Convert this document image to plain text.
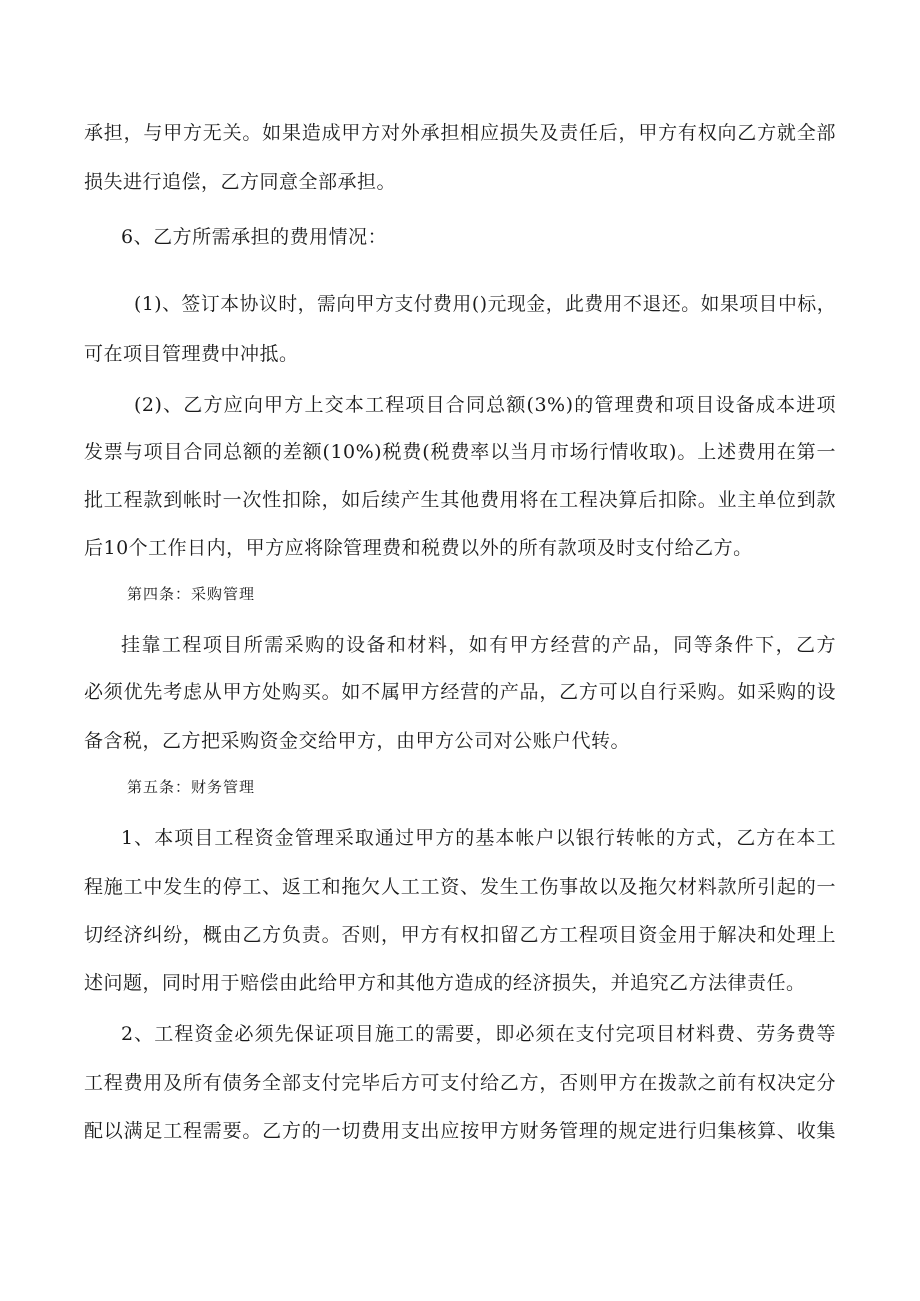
承担，与甲方无关。如果造成甲方对外承担相应损失及责任后，甲方有权向乙方就全部
损失进行追偿，乙方同意全部承担。
6、乙方所需承担的费用情况：
(1)、签订本协议时，需向甲方支付费用()元现金，此费用不退还。如果项目中标，
可在项目管理费中冲抵。
(2)、乙方应向甲方上交本工程项目合同总额(3%)的管理费和项目设备成本进项
发票与项目合同总额的差额(10%)税费(税费率以当月市场行情收取)。上述费用在第一
批工程款到帐时一次性扣除，如后续产生其他费用将在工程决算后扣除。业主单位到款
后10个工作日内，甲方应将除管理费和税费以外的所有款项及时支付给乙方。
第四条：采购管理
挂靠工程项目所需采购的设备和材料，如有甲方经营的产品，同等条件下，乙方
必须优先考虑从甲方处购买。如不属甲方经营的产品，乙方可以自行采购。如采购的设
备含税，乙方把采购资金交给甲方，由甲方公司对公账户代转。
第五条：财务管理
1、本项目工程资金管理采取通过甲方的基本帐户以银行转帐的方式，乙方在本工
程施工中发生的停工、返工和拖欠人工工资、发生工伤事故以及拖欠材料款所引起的一
切经济纠纷，概由乙方负责。否则，甲方有权扣留乙方工程项目资金用于解决和处理上
述问题，同时用于赔偿由此给甲方和其他方造成的经济损失，并追究乙方法律责任。
2、工程资金必须先保证项目施工的需要，即必须在支付完项目材料费、劳务费等
工程费用及所有债务全部支付完毕后方可支付给乙方，否则甲方在拨款之前有权决定分
配以满足工程需要。乙方的一切费用支出应按甲方财务管理的规定进行归集核算、收集
